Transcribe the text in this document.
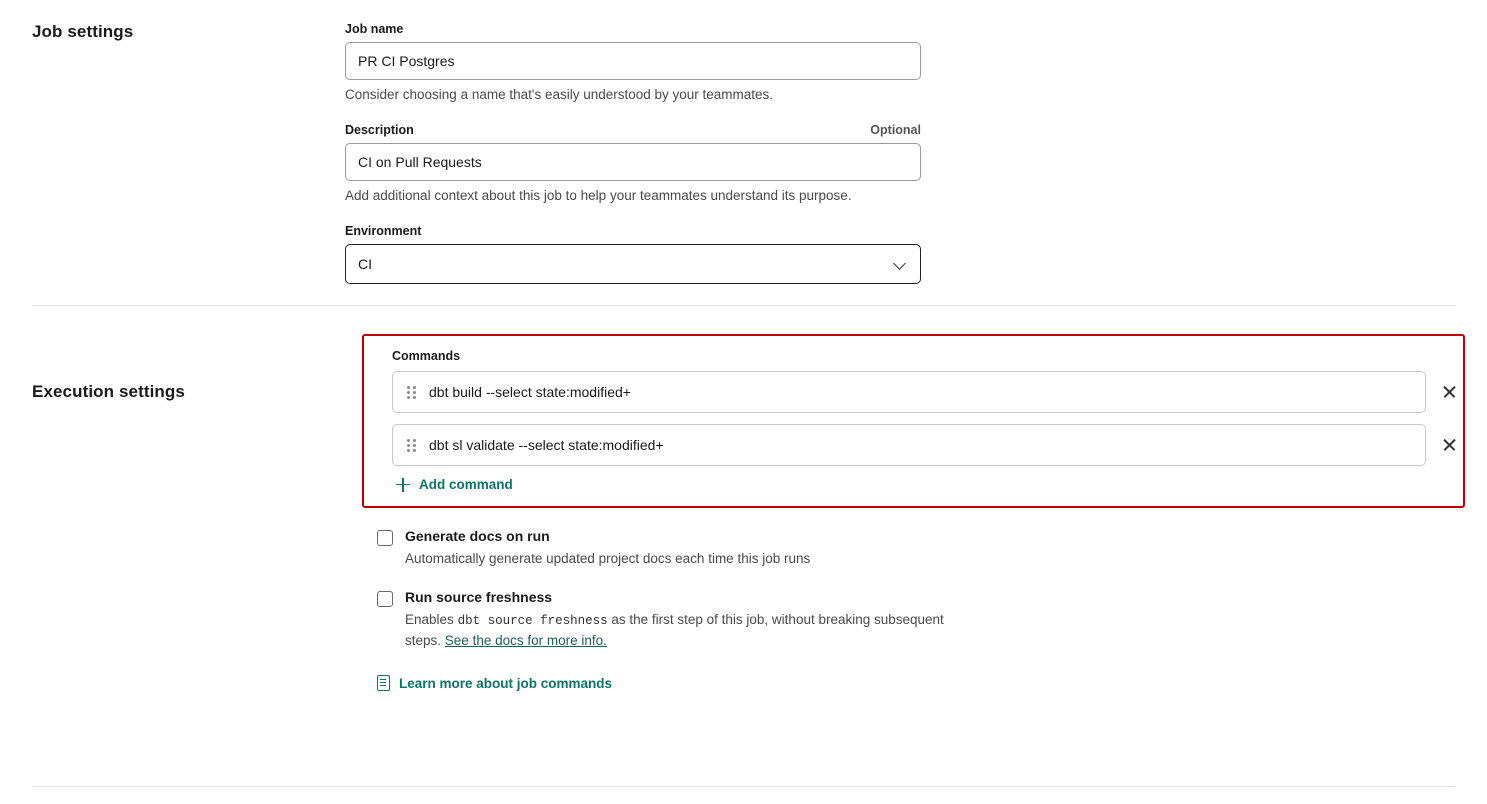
Job settings	Job name
PR CI Postgres
Consider choosing a name that's easily understood by your teammates.
Description	Optional
CI on Pull Requests
Add additional context about this job to help your teammates understand its purpose.
Environment
CI
Execution settings
Commands
dbt build --select state:modified+
dbt sl validate --select state:modified+
Add command
Generate docs on run
Automatically generate updated project docs each time this job runs
Run source freshness
Enables dbt source freshness as the first step of this job, without breaking subsequent steps. See the docs for more info.
Learn more about job commands
